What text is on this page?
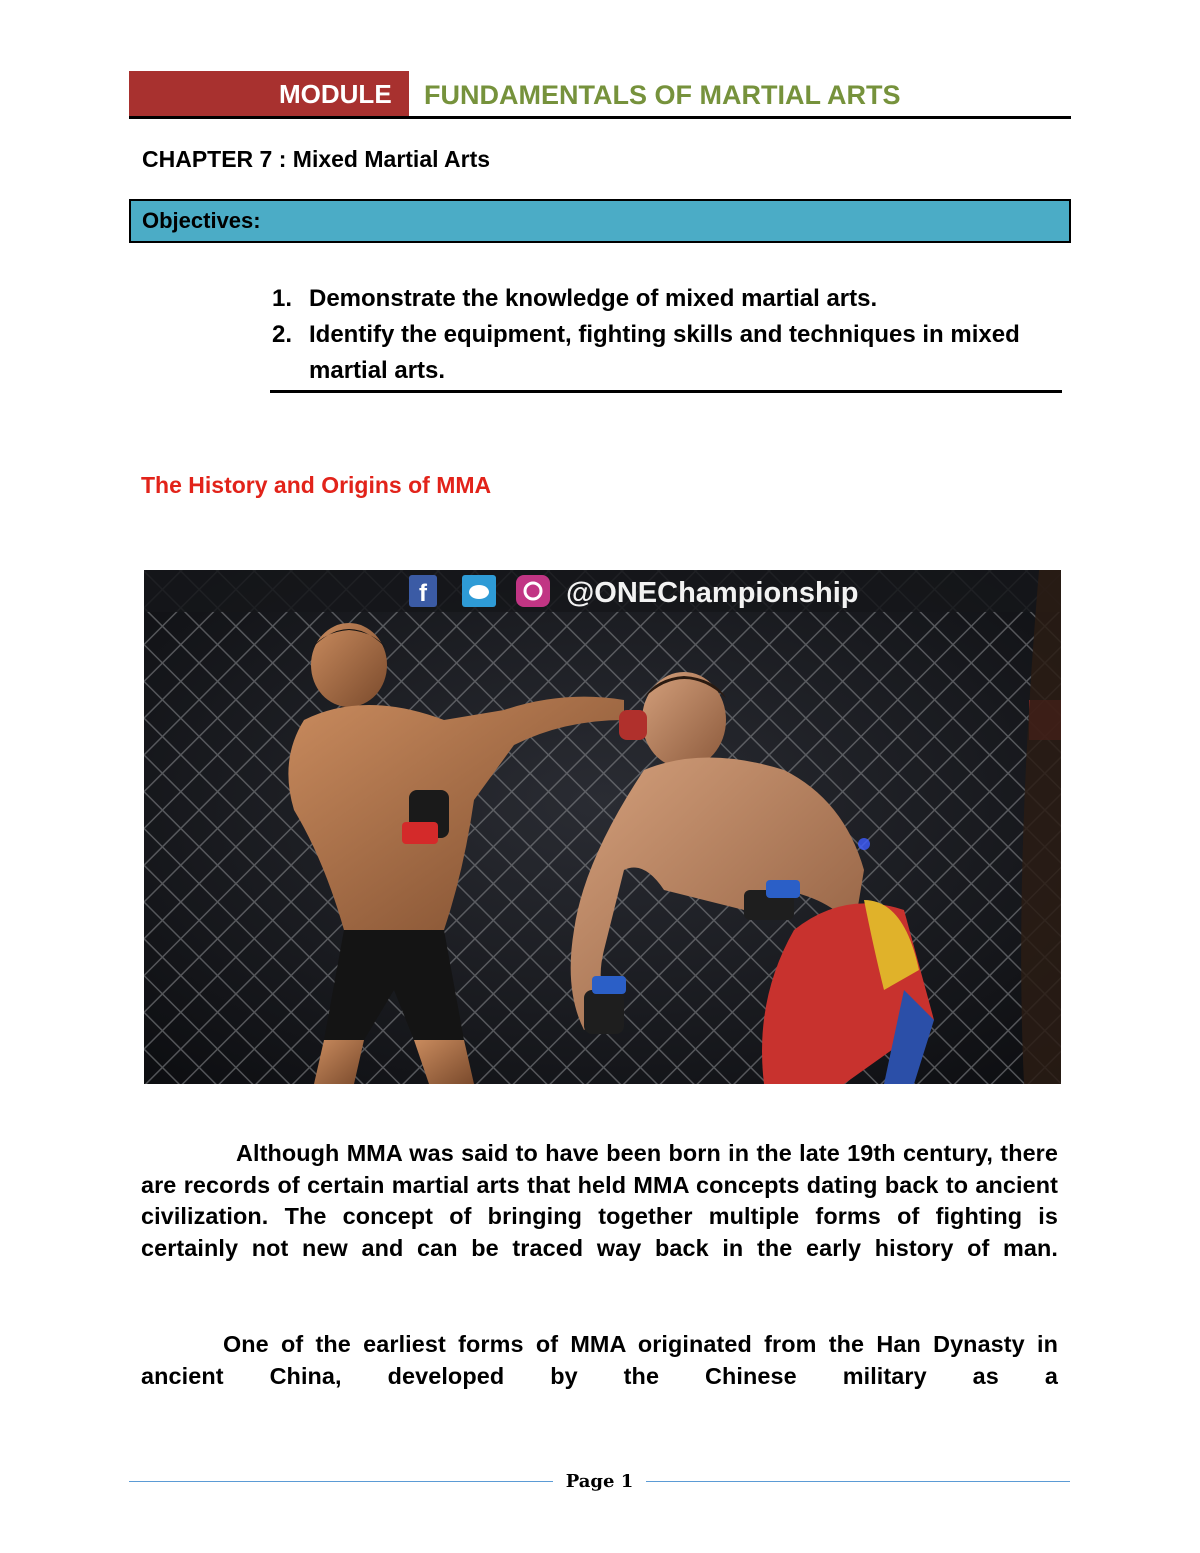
MODULE	FUNDAMENTALS OF MARTIAL ARTS
CHAPTER 7 : Mixed Martial Arts
Objectives:
1. Demonstrate the knowledge of mixed martial arts.
2. Identify the equipment, fighting skills and techniques in mixed martial arts.
The History and Origins of MMA
f	@ONEChampionship

Although MMA was said to have been born in the late 19th century, there are records of certain martial arts that held MMA concepts dating back to ancient civilization. The concept of bringing together multiple forms of fighting is certainly not new and can be traced way back in the early history of man.

One of the earliest forms of MMA originated from the Han Dynasty in ancient China, developed by the Chinese military as a

Page 1
